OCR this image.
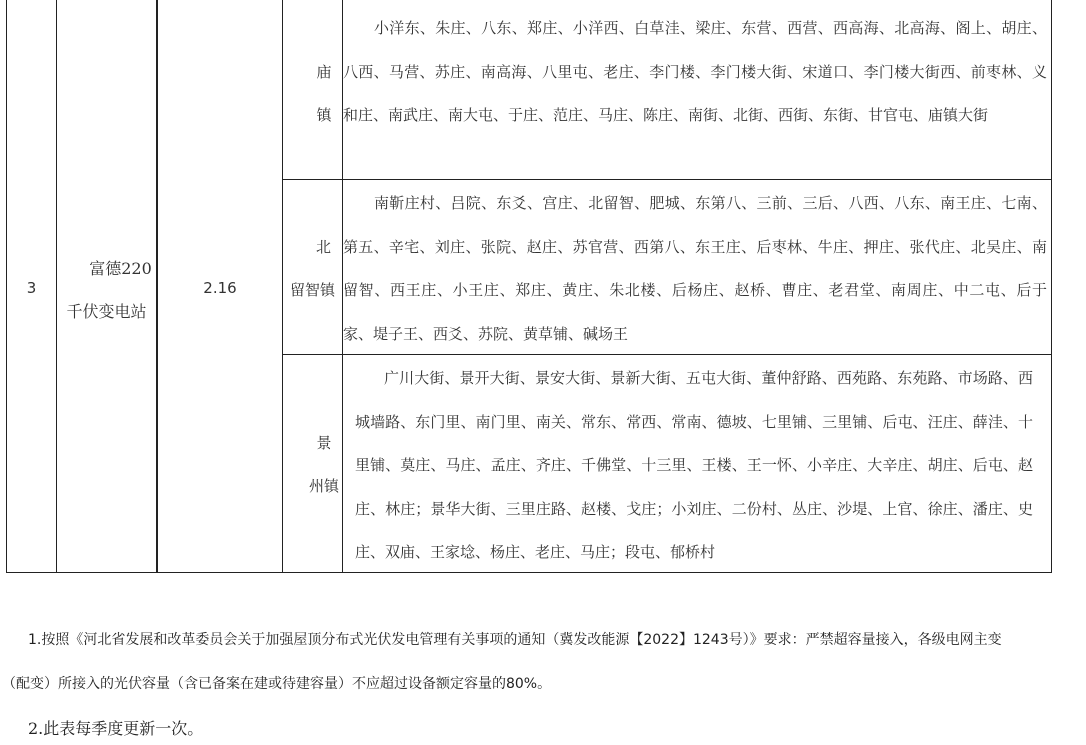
3
富德220
千伏变电站
2.16
庙
镇
小洋东、朱庄、八东、郑庄、小洋西、白草洼、梁庄、东营、西营、西高海、北高海、阁上、胡庄、八西、马营、苏庄、南高海、八里屯、老庄、李门楼、李门楼大街、宋道口、李门楼大街西、前枣林、义和庄、南武庄、南大屯、于庄、范庄、马庄、陈庄、南街、北街、西街、东街、甘官屯、庙镇大街
北
留智镇
南靳庄村、吕院、东爻、宫庄、北留智、肥城、东第八、三前、三后、八西、八东、南王庄、七南、第五、辛宅、刘庄、张院、赵庄、苏官营、西第八、东王庄、后枣林、牛庄、押庄、张代庄、北吴庄、南留智、西王庄、小王庄、郑庄、黄庄、朱北楼、后杨庄、赵桥、曹庄、老君堂、南周庄、中二屯、后于家、堤子王、西爻、苏院、黄草铺、碱场王
景
州镇
广川大街、景开大街、景安大街、景新大街、五屯大街、董仲舒路、西苑路、东苑路、市场路、西城墙路、东门里、南门里、南关、常东、常西、常南、德坡、七里铺、三里铺、后屯、汪庄、薛洼、十里铺、莫庄、马庄、孟庄、齐庄、千佛堂、十三里、王楼、王一怀、小辛庄、大辛庄、胡庄、后屯、赵庄、林庄；景华大街、三里庄路、赵楼、戈庄；小刘庄、二份村、丛庄、沙堤、上官、徐庄、潘庄、史庄、双庙、王家埝、杨庄、老庄、马庄；段屯、郁桥村
1.按照《河北省发展和改革委员会关于加强屋顶分布式光伏发电管理有关事项的通知（冀发改能源【2022】1243号）》要求：严禁超容量接入，各级电网主变
（配变）所接入的光伏容量（含已备案在建或待建容量）不应超过设备额定容量的80%。
2.此表每季度更新一次。
